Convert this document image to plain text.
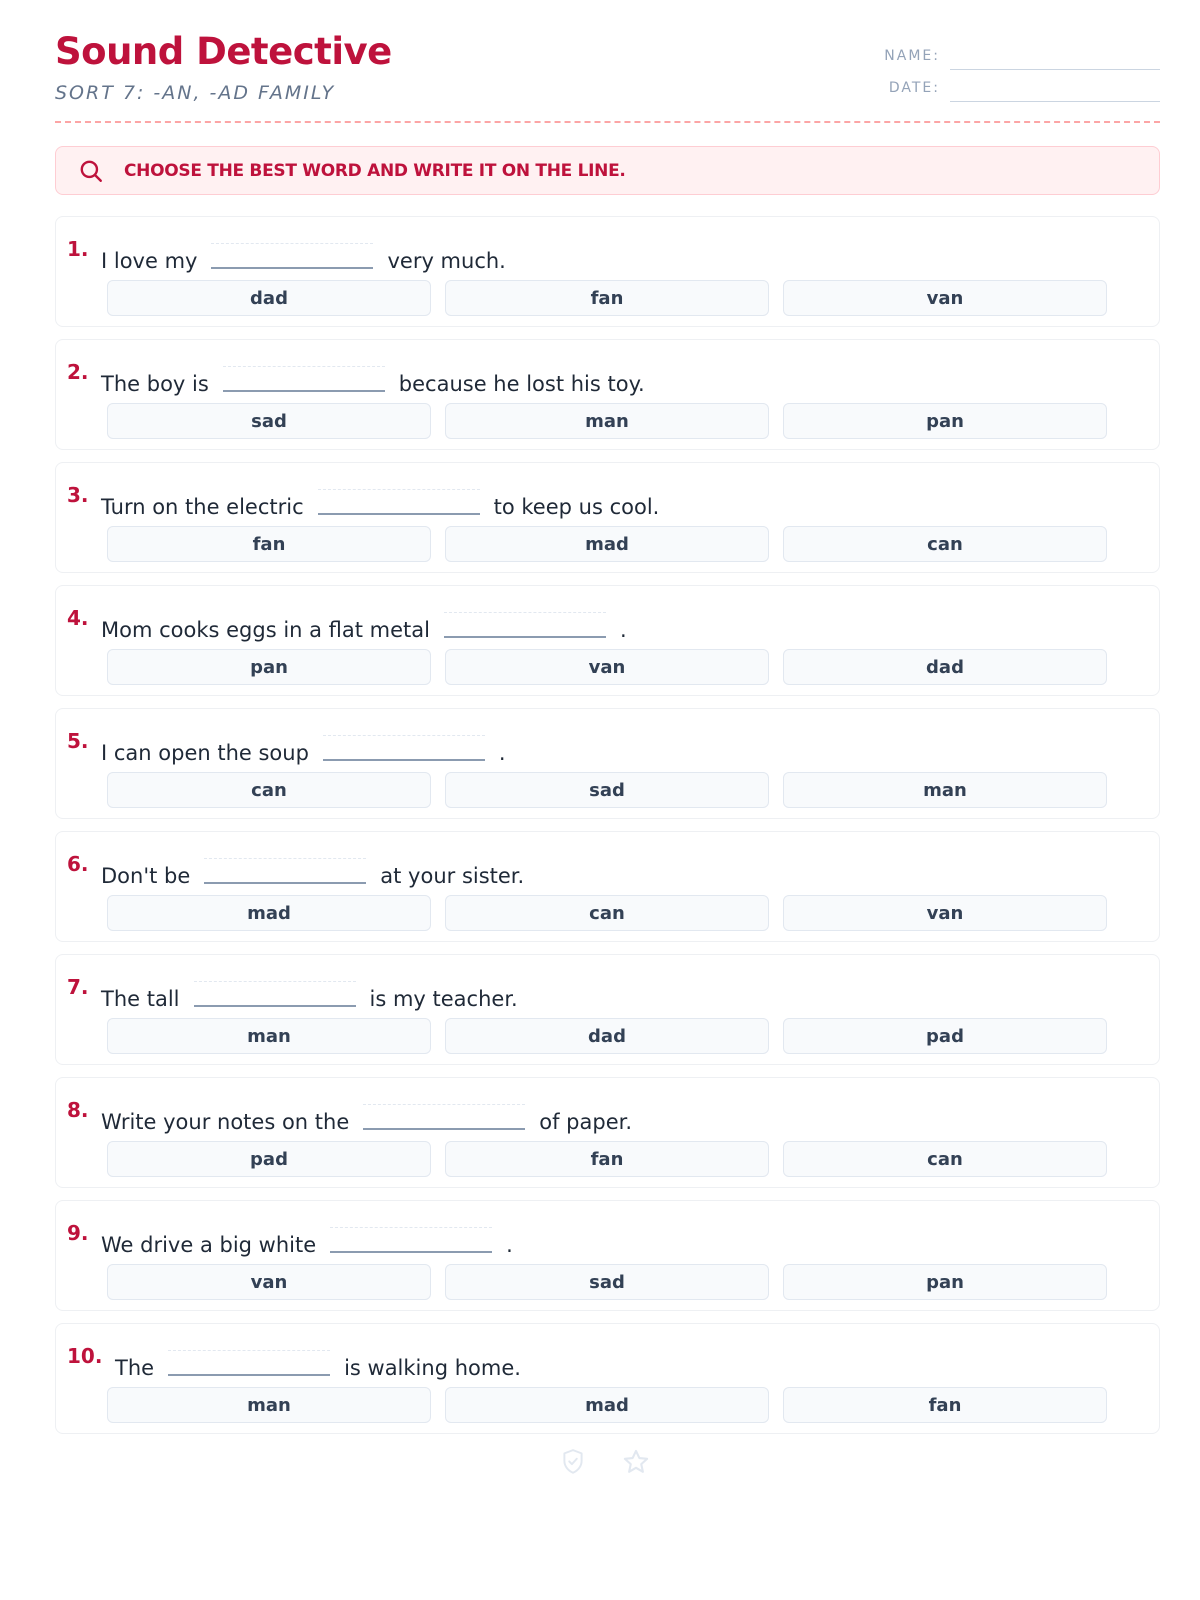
Sound Detective
SORT 7: -AN, -AD FAMILY
NAME:
DATE:
CHOOSE THE BEST WORD AND WRITE IT ON THE LINE.
1. I love my	very much.
dad	fan	van
2. The boy is	because he lost his toy.
sad	man	pan
3. Turn on the electric	to keep us cool.
fan	mad	can
4. Mom cooks eggs in a flat metal	.
pan	van	dad
5. I can open the soup	.
can	sad	man
6. Don't be	at your sister.
mad	can	van
7. The tall	is my teacher.
man	dad	pad
8. Write your notes on the	of paper.
pad	fan	can
9. We drive a big white	.
van	sad	pan
10. The	is walking home.
man	mad	fan
